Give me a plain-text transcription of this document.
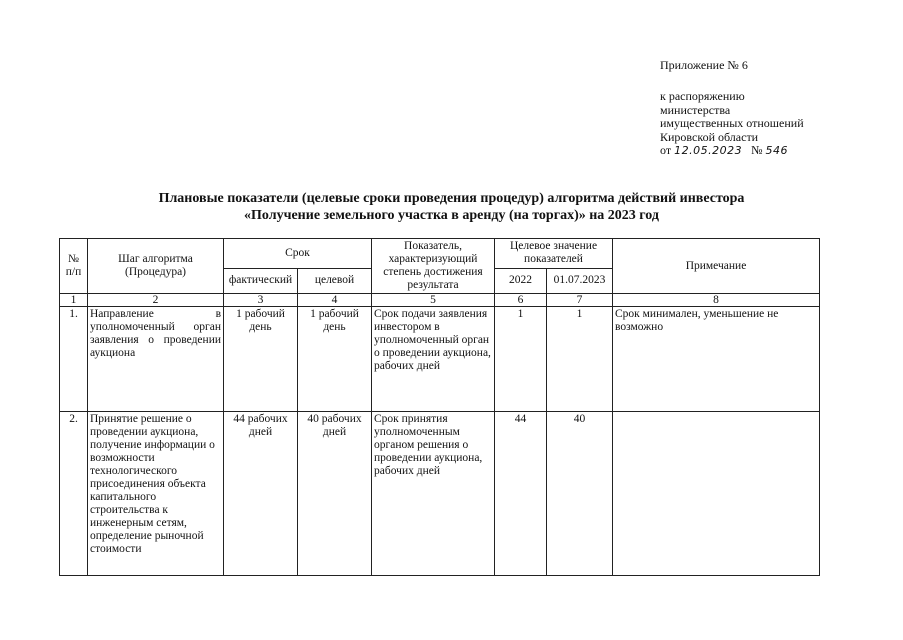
Приложение № 6
к распоряжению
министерства
имущественных отношений
Кировской области
от 12.05.2023 № 546
Плановые показатели (целевые сроки проведения процедур) алгоритма действий инвестора
«Получение земельного участка в аренду (на торгах)» на 2023 год
№ п/п	Шаг алгоритма (Процедура)	Срок		Показатель, характеризующий степень достижения результата	Целевое значение показателей		Примечание
		фактический	целевой		2022	01.07.2023	
1	2	3	4	5	6	7	8
1.	Направление в уполномоченный орган заявления о проведении аукциона	1 рабочий день	1 рабочий день	Срок подачи заявления инвестором в уполномоченный орган о проведении аукциона, рабочих дней	1	1	Срок минимален, уменьшение не возможно
2.	Принятие решение о проведении аукциона, получение информации о возможности технологического присоединения объекта капитального строительства к инженерным сетям, определение рыночной стоимости	44 рабочих дней	40 рабочих дней	Срок принятия уполномоченным органом решения о проведении аукциона, рабочих дней	44	40	
